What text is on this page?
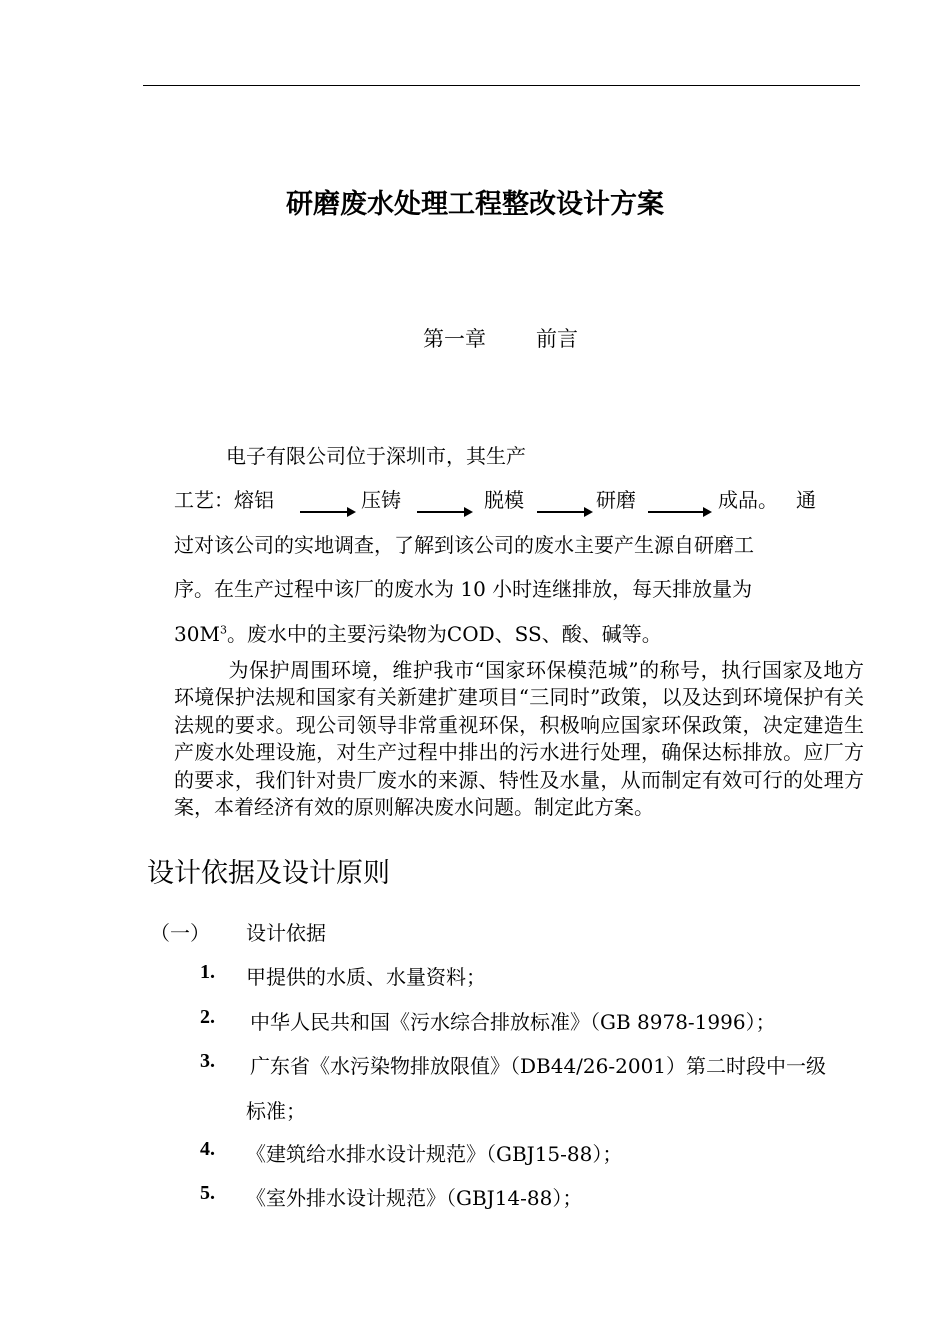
研磨废水处理工程整改设计方案
第一章 前言
电子有限公司位于深圳市，其生产
工艺： 熔铝	压铸	脱模	研磨	成品。 通
过对该公司的实地调查，了解到该公司的废水主要产生源自研磨工
序。在生产过程中该厂的废水为 10 小时连继排放，每天排放量为
$30M^3$。废水中的主要污染物为COD、SS、酸、碱等。
为保护周围环境，维护我市“国家环保模范城”的称号，执行国家及地方环境保护法规和国家有关新建扩建项目“三同时”政策，以及达到环境保护有关法规的要求。现公司领导非常重视环保，积极响应国家环保政策，决定建造生产废水处理设施，对生产过程中排出的污水进行处理，确保达标排放。应厂方的要求，我们针对贵厂废水的来源、特性及水量，从而制定有效可行的处理方案，本着经济有效的原则解决废水问题。制定此方案。
设计依据及设计原则
（一） 设计依据
1. 甲提供的水质、水量资料；
2. 中华人民共和国《污水综合排放标准》（GB 8978-1996）；
3. 广东省《水污染物排放限值》（DB44/26-2001）第二时段中一级
标准；
4. 《建筑给水排水设计规范》（GBJ15-88）；
5. 《室外排水设计规范》（GBJ14-88）；
